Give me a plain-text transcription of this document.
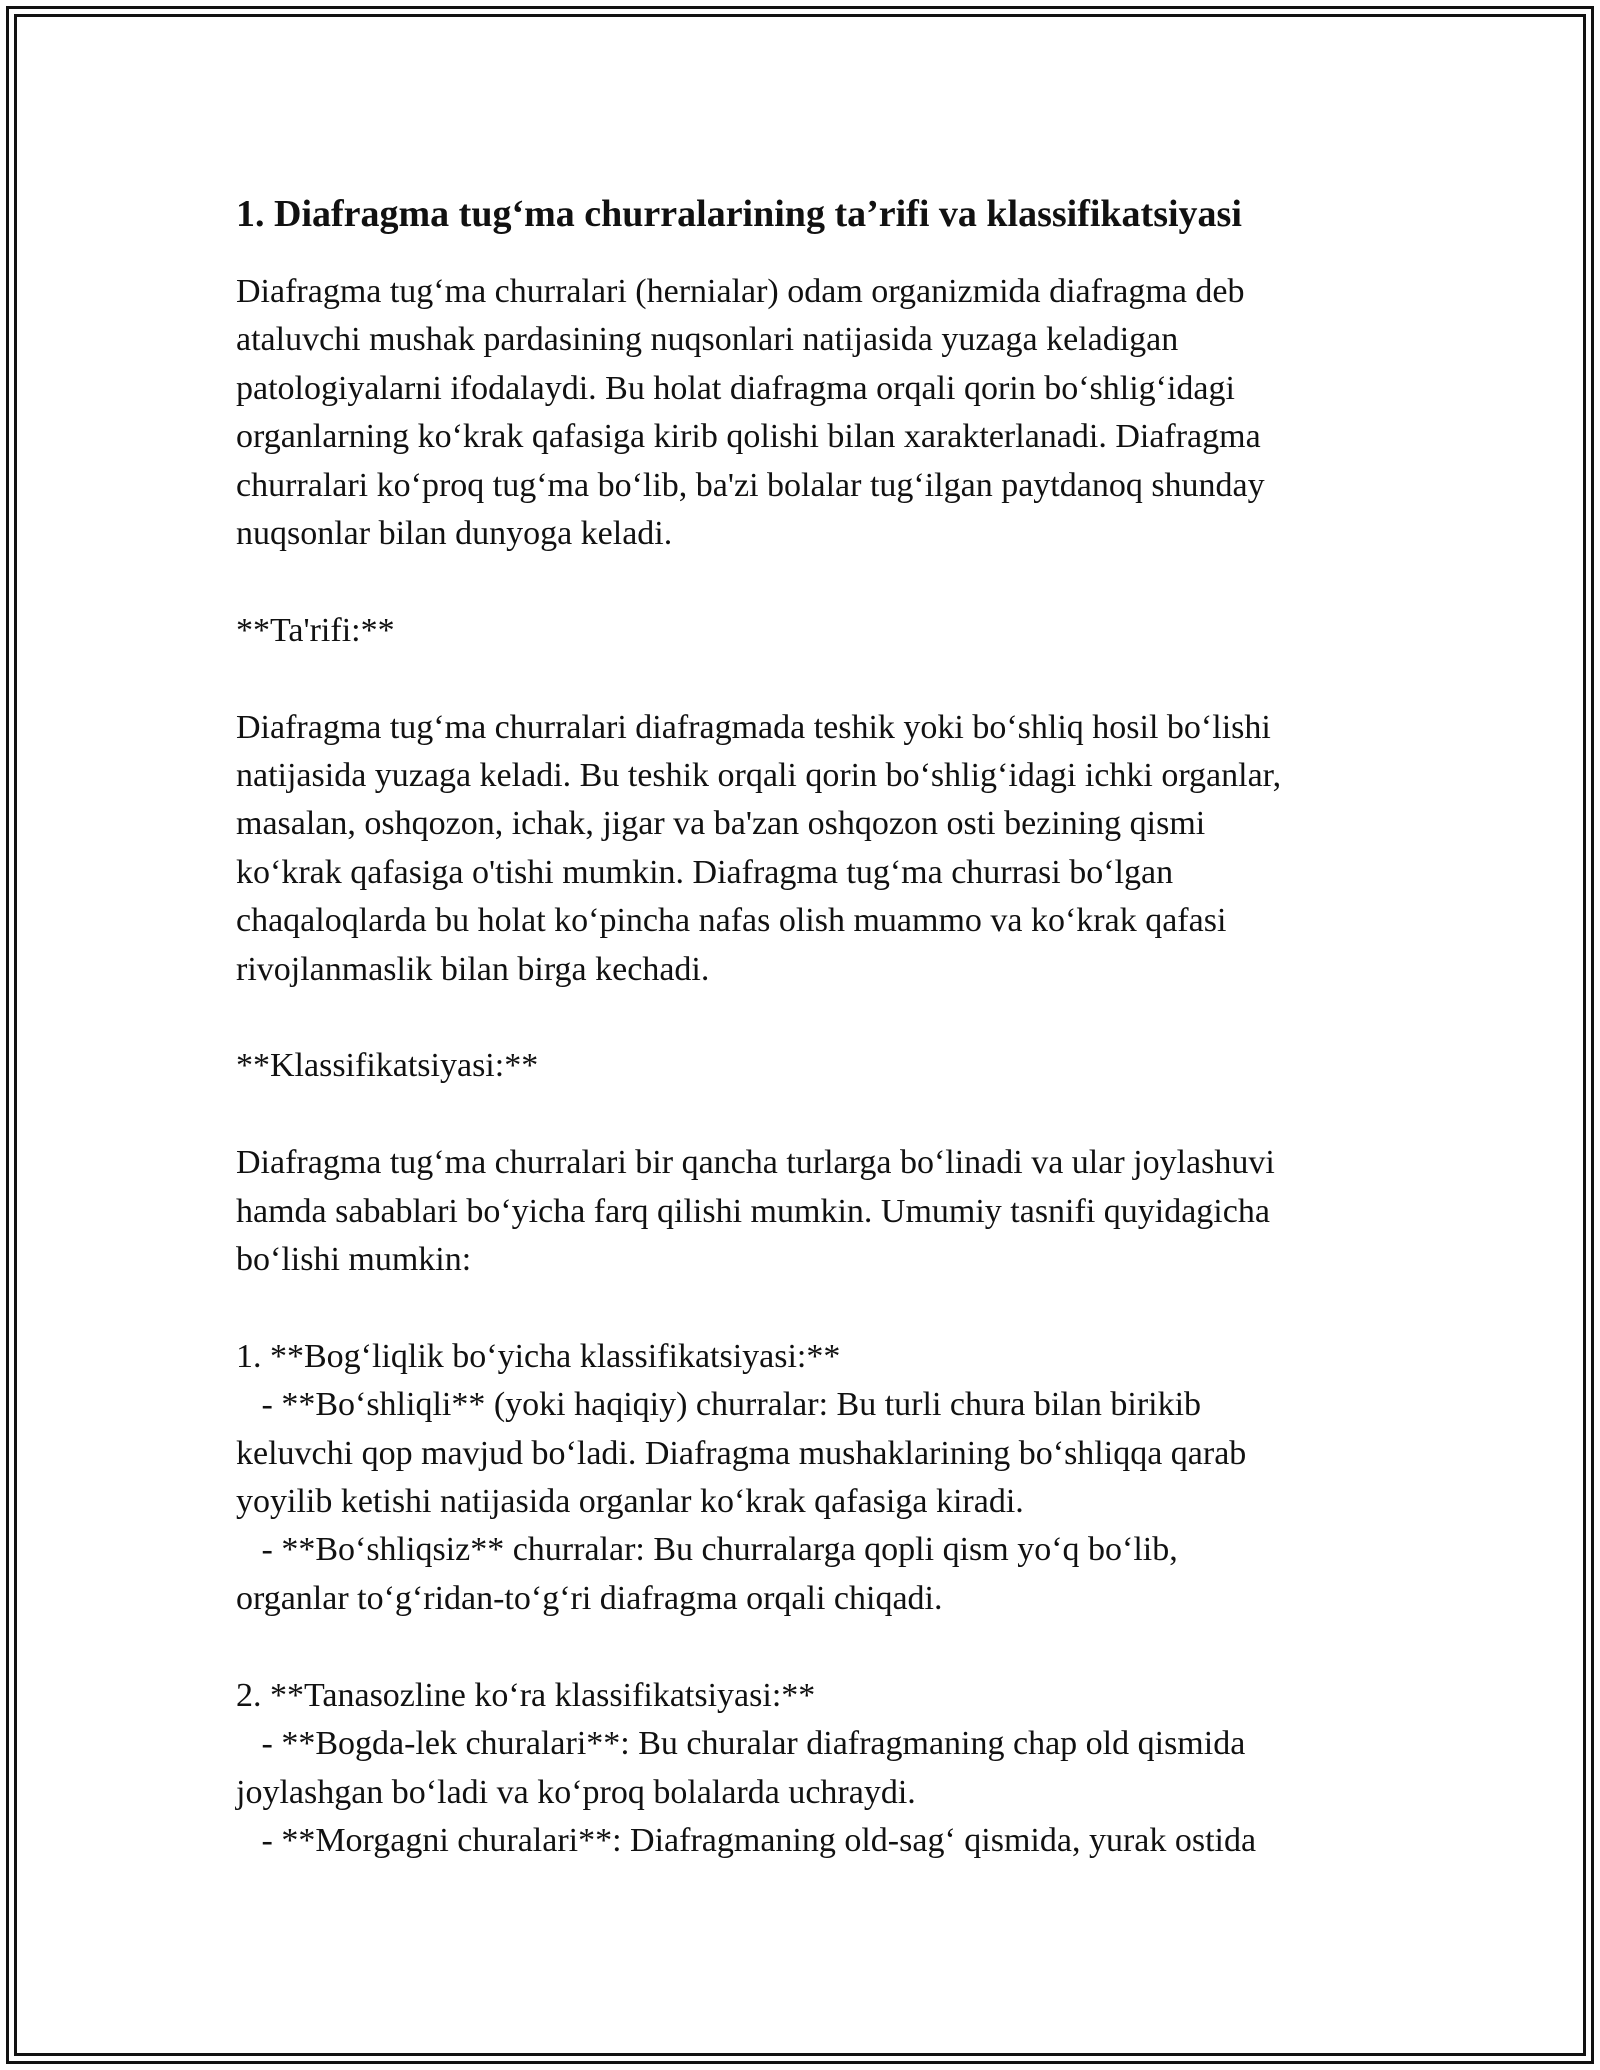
1. Diafragma tug‘ma churralarining ta’rifi va klassifikatsiyasi

Diafragma tug‘ma churralari (hernialar) odam organizmida diafragma deb

ataluvchi mushak pardasining nuqsonlari natijasida yuzaga keladigan

patologiyalarni ifodalaydi. Bu holat diafragma orqali qorin bo‘shlig‘idagi

organlarning ko‘krak qafasiga kirib qolishi bilan xarakterlanadi. Diafragma

churralari ko‘proq tug‘ma bo‘lib, ba'zi bolalar tug‘ilgan paytdanoq shunday

nuqsonlar bilan dunyoga keladi.

**Ta'rifi:**

Diafragma tug‘ma churralari diafragmada teshik yoki bo‘shliq hosil bo‘lishi

natijasida yuzaga keladi. Bu teshik orqali qorin bo‘shlig‘idagi ichki organlar,

masalan, oshqozon, ichak, jigar va ba'zan oshqozon osti bezining qismi

ko‘krak qafasiga o'tishi mumkin. Diafragma tug‘ma churrasi bo‘lgan

chaqaloqlarda bu holat ko‘pincha nafas olish muammo va ko‘krak qafasi

rivojlanmaslik bilan birga kechadi.

**Klassifikatsiyasi:**

Diafragma tug‘ma churralari bir qancha turlarga bo‘linadi va ular joylashuvi

hamda sabablari bo‘yicha farq qilishi mumkin. Umumiy tasnifi quyidagicha

bo‘lishi mumkin:

1. **Bog‘liqlik bo‘yicha klassifikatsiyasi:**

- **Bo‘shliqli** (yoki haqiqiy) churralar: Bu turli chura bilan birikib

keluvchi qop mavjud bo‘ladi. Diafragma mushaklarining bo‘shliqqa qarab

yoyilib ketishi natijasida organlar ko‘krak qafasiga kiradi.

- **Bo‘shliqsiz** churralar: Bu churralarga qopli qism yo‘q bo‘lib,

organlar to‘g‘ridan-to‘g‘ri diafragma orqali chiqadi.

2. **Tanasozline ko‘ra klassifikatsiyasi:**

- **Bogda-lek churalari**: Bu churalar diafragmaning chap old qismida

joylashgan bo‘ladi va ko‘proq bolalarda uchraydi.

- **Morgagni churalari**: Diafragmaning old-sag‘ qismida, yurak ostida
